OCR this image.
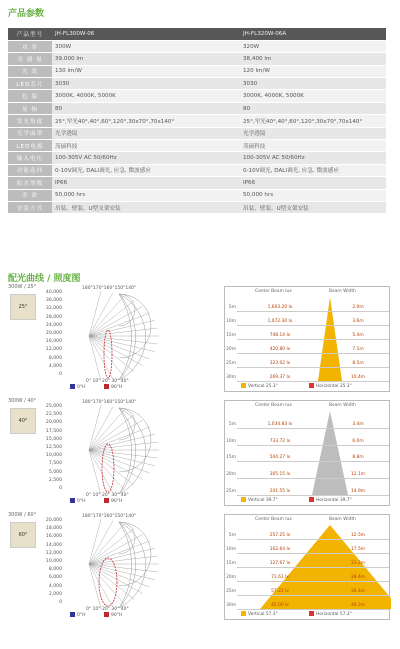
产品参数
产品型号	JH-FL300W-06	JH-FL320W-06A
功 率	300W	320W
光 通 量	39,000 lm	38,400 lm
光 效	130 lm/W	120 lm/W
LED芯片	3030	3030
色 温	3000K, 4000K, 5000K	3000K, 4000K, 5000K
显 指	80	80
发光角度	25°,窄光40°,40°,60°,120°,30x70°,70x140°	25°,窄光40°,40°,60°,120°,30x70°,70x140°
光学面罩	光学透镜	光学透镜
LED电源	茂硕科技	茂硕科技
输入电压	100-305V AC 50/60Hz	100-305V AC 50/60Hz
功能选择	0-10V调光, DALI调光, 应急, 微波感应	0-10V调光, DALI调光, 应急, 微波感应
防水等级	IP66	IP66
寿 命	50,000 hrs	50,000 hrs
安装方式	吊装、壁装、U型支架安装	吊装、壁装、U型支架安装
配光曲线 / 照度图
300W / 25°
25°
40,000
36,000
32,000
28,000
24,000
20,000
16,000
12,000
8,000
4,000
0
0°H	90°H
Center Beam lux	Beam Width
Vertical 25.3°	Horizontal 25.3°
5m	1,603.20 lx	2.0m
10m	1,072.30 lx	3.6m
15m	748.14 lx	5.4m
20m	420.80 lx	7.1m
25m	323.02 lx	8.5m
30m	269.37 lx	10.4m
180°170°160°150°140°
0° 10° 20° 30° 40°
300W / 40°
40°
25,000
22,500
20,000
17,500
15,000
12,500
10,000
7,500
5,000
2,500
0
0°H	90°H
Center Beam lux	Beam Width
Vertical 39.7°	Horizontal 39.7°
5m	1,034.83 lx	3.4m
10m	733.72 lx	6.0m
15m	544.27 lx	8.8m
20m	305.15 lx	12.1m
25m	241.55 lx	14.9m
180°170°160°150°140°
0° 10° 20° 30° 40°
300W / 60°
60°
20,000
18,000
16,000
14,000
12,000
10,000
8,000
6,000
4,000
2,000
0
0°H	90°H
Center Beam lux	Beam Width
Vertical 57.3°	Horizontal 57.3°
5m	257.25 lx	12.5m
10m	162.64 lx	17.5m
15m	127.67 lx	23.2m
20m	71.61 lx	28.4m
25m	57.22 lx	34.4m
30m	45.00 lx	40.2m
180°170°160°150°140°
0° 10° 20° 30° 40°
